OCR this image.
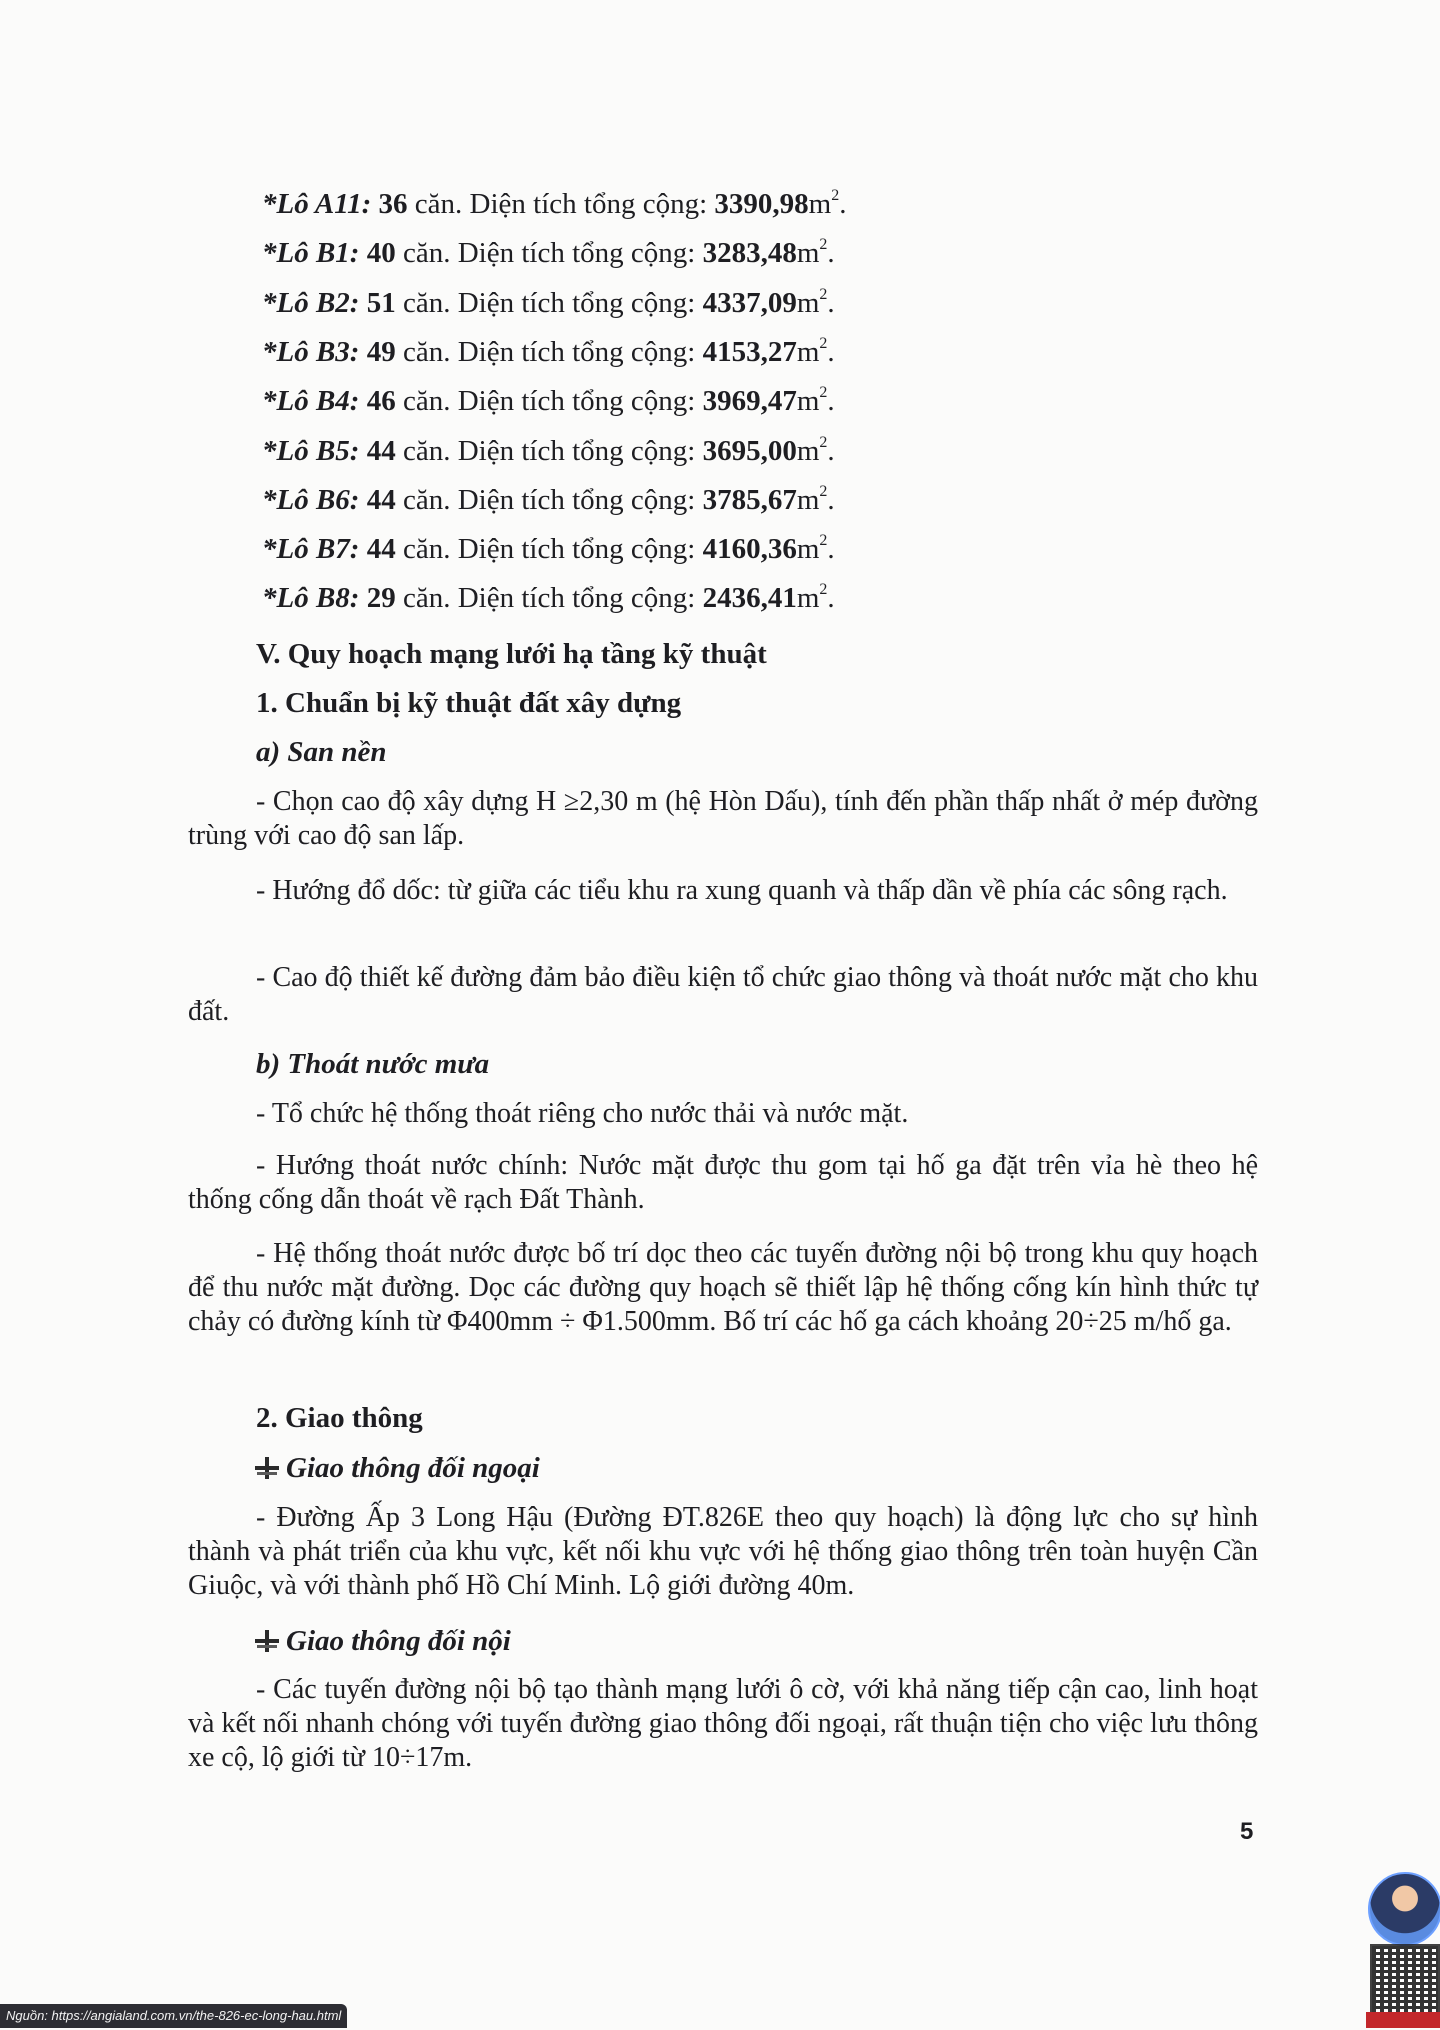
*Lô A11: 36 căn. Diện tích tổng cộng: $3390,98m^2$.
*Lô B1: 40 căn. Diện tích tổng cộng: $3283,48m^2$.
*Lô B2: 51 căn. Diện tích tổng cộng: $4337,09m^2$.
*Lô B3: 49 căn. Diện tích tổng cộng: $4153,27m^2$.
*Lô B4: 46 căn. Diện tích tổng cộng: $3969,47m^2$.
*Lô B5: 44 căn. Diện tích tổng cộng: $3695,00m^2$.
*Lô B6: 44 căn. Diện tích tổng cộng: $3785,67m^2$.
*Lô B7: 44 căn. Diện tích tổng cộng: $4160,36m^2$.
*Lô B8: 29 căn. Diện tích tổng cộng: $2436,41m^2$.
V. Quy hoạch mạng lưới hạ tầng kỹ thuật
1. Chuẩn bị kỹ thuật đất xây dựng
a) San nền

- Chọn cao độ xây dựng H ≥2,30 m (hệ Hòn Dấu), tính đến phần thấp nhất ở mép đường trùng với cao độ san lấp.

- Hướng đổ dốc: từ giữa các tiểu khu ra xung quanh và thấp dần về phía các sông rạch.

- Cao độ thiết kế đường đảm bảo điều kiện tổ chức giao thông và thoát nước mặt cho khu đất.

b) Thoát nước mưa

- Tổ chức hệ thống thoát riêng cho nước thải và nước mặt.

- Hướng thoát nước chính: Nước mặt được thu gom tại hố ga đặt trên vỉa hè theo hệ thống cống dẫn thoát về rạch Đất Thành.

- Hệ thống thoát nước được bố trí dọc theo các tuyến đường nội bộ trong khu quy hoạch để thu nước mặt đường. Dọc các đường quy hoạch sẽ thiết lập hệ thống cống kín hình thức tự chảy có đường kính từ Φ400mm ÷ Φ1.500mm. Bố trí các hố ga cách khoảng 20÷25 m/hố ga.

2. Giao thông
Giao thông đối ngoại

- Đường Ấp 3 Long Hậu (Đường ĐT.826E theo quy hoạch) là động lực cho sự hình thành và phát triển của khu vực, kết nối khu vực với hệ thống giao thông trên toàn huyện Cần Giuộc, và với thành phố Hồ Chí Minh. Lộ giới đường 40m.

Giao thông đối nội

- Các tuyến đường nội bộ tạo thành mạng lưới ô cờ, với khả năng tiếp cận cao, linh hoạt và kết nối nhanh chóng với tuyến đường giao thông đối ngoại, rất thuận tiện cho việc lưu thông xe cộ, lộ giới từ 10÷17m.

5
Nguồn: https://angialand.com.vn/the-826-ec-long-hau.html
